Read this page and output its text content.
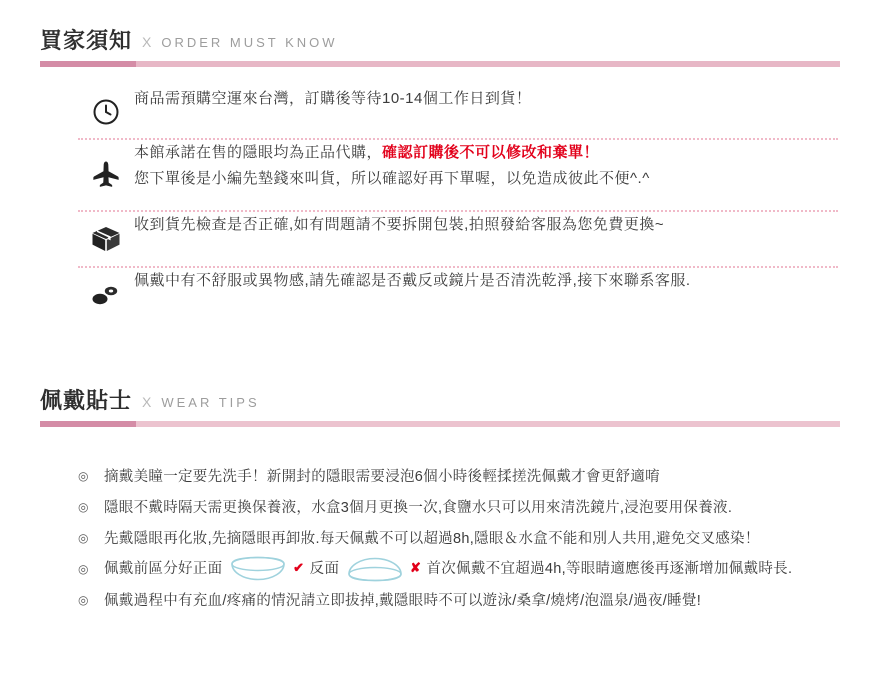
買家須知 X ORDER MUST KNOW
商品需預購空運來台灣，訂購後等待10-14個工作日到貨！
本館承諾在售的隱眼均為正品代購，確認訂購後不可以修改和棄單！
您下單後是小編先墊錢來叫貨，所以確認好再下單喔，以免造成彼此不便^.^
收到貨先檢查是否正確,如有問題請不要拆開包裝,拍照發給客服為您免費更換~
佩戴中有不舒服或異物感,請先確認是否戴反或鏡片是否清洗乾淨,接下來聯系客服.
佩戴貼士 X WEAR TIPS
◎	摘戴美瞳一定要先洗手！新開封的隱眼需要浸泡6個小時後輕揉搓洗佩戴才會更舒適唷
◎	隱眼不戴時隔天需更換保養液，水盒3個月更換一次,食鹽水只可以用來清洗鏡片,浸泡要用保養液.
◎	先戴隱眼再化妝,先摘隱眼再卸妝.每天佩戴不可以超過8h,隱眼＆水盒不能和別人共用,避免交叉感染！
◎	佩戴前區分好正面	✔ 反面	✘ 首次佩戴不宜超過4h,等眼睛適應後再逐漸增加佩戴時長.
◎	佩戴過程中有充血/疼痛的情況請立即拔掉,戴隱眼時不可以遊泳/桑拿/燒烤/泡溫泉/過夜/睡覺!
